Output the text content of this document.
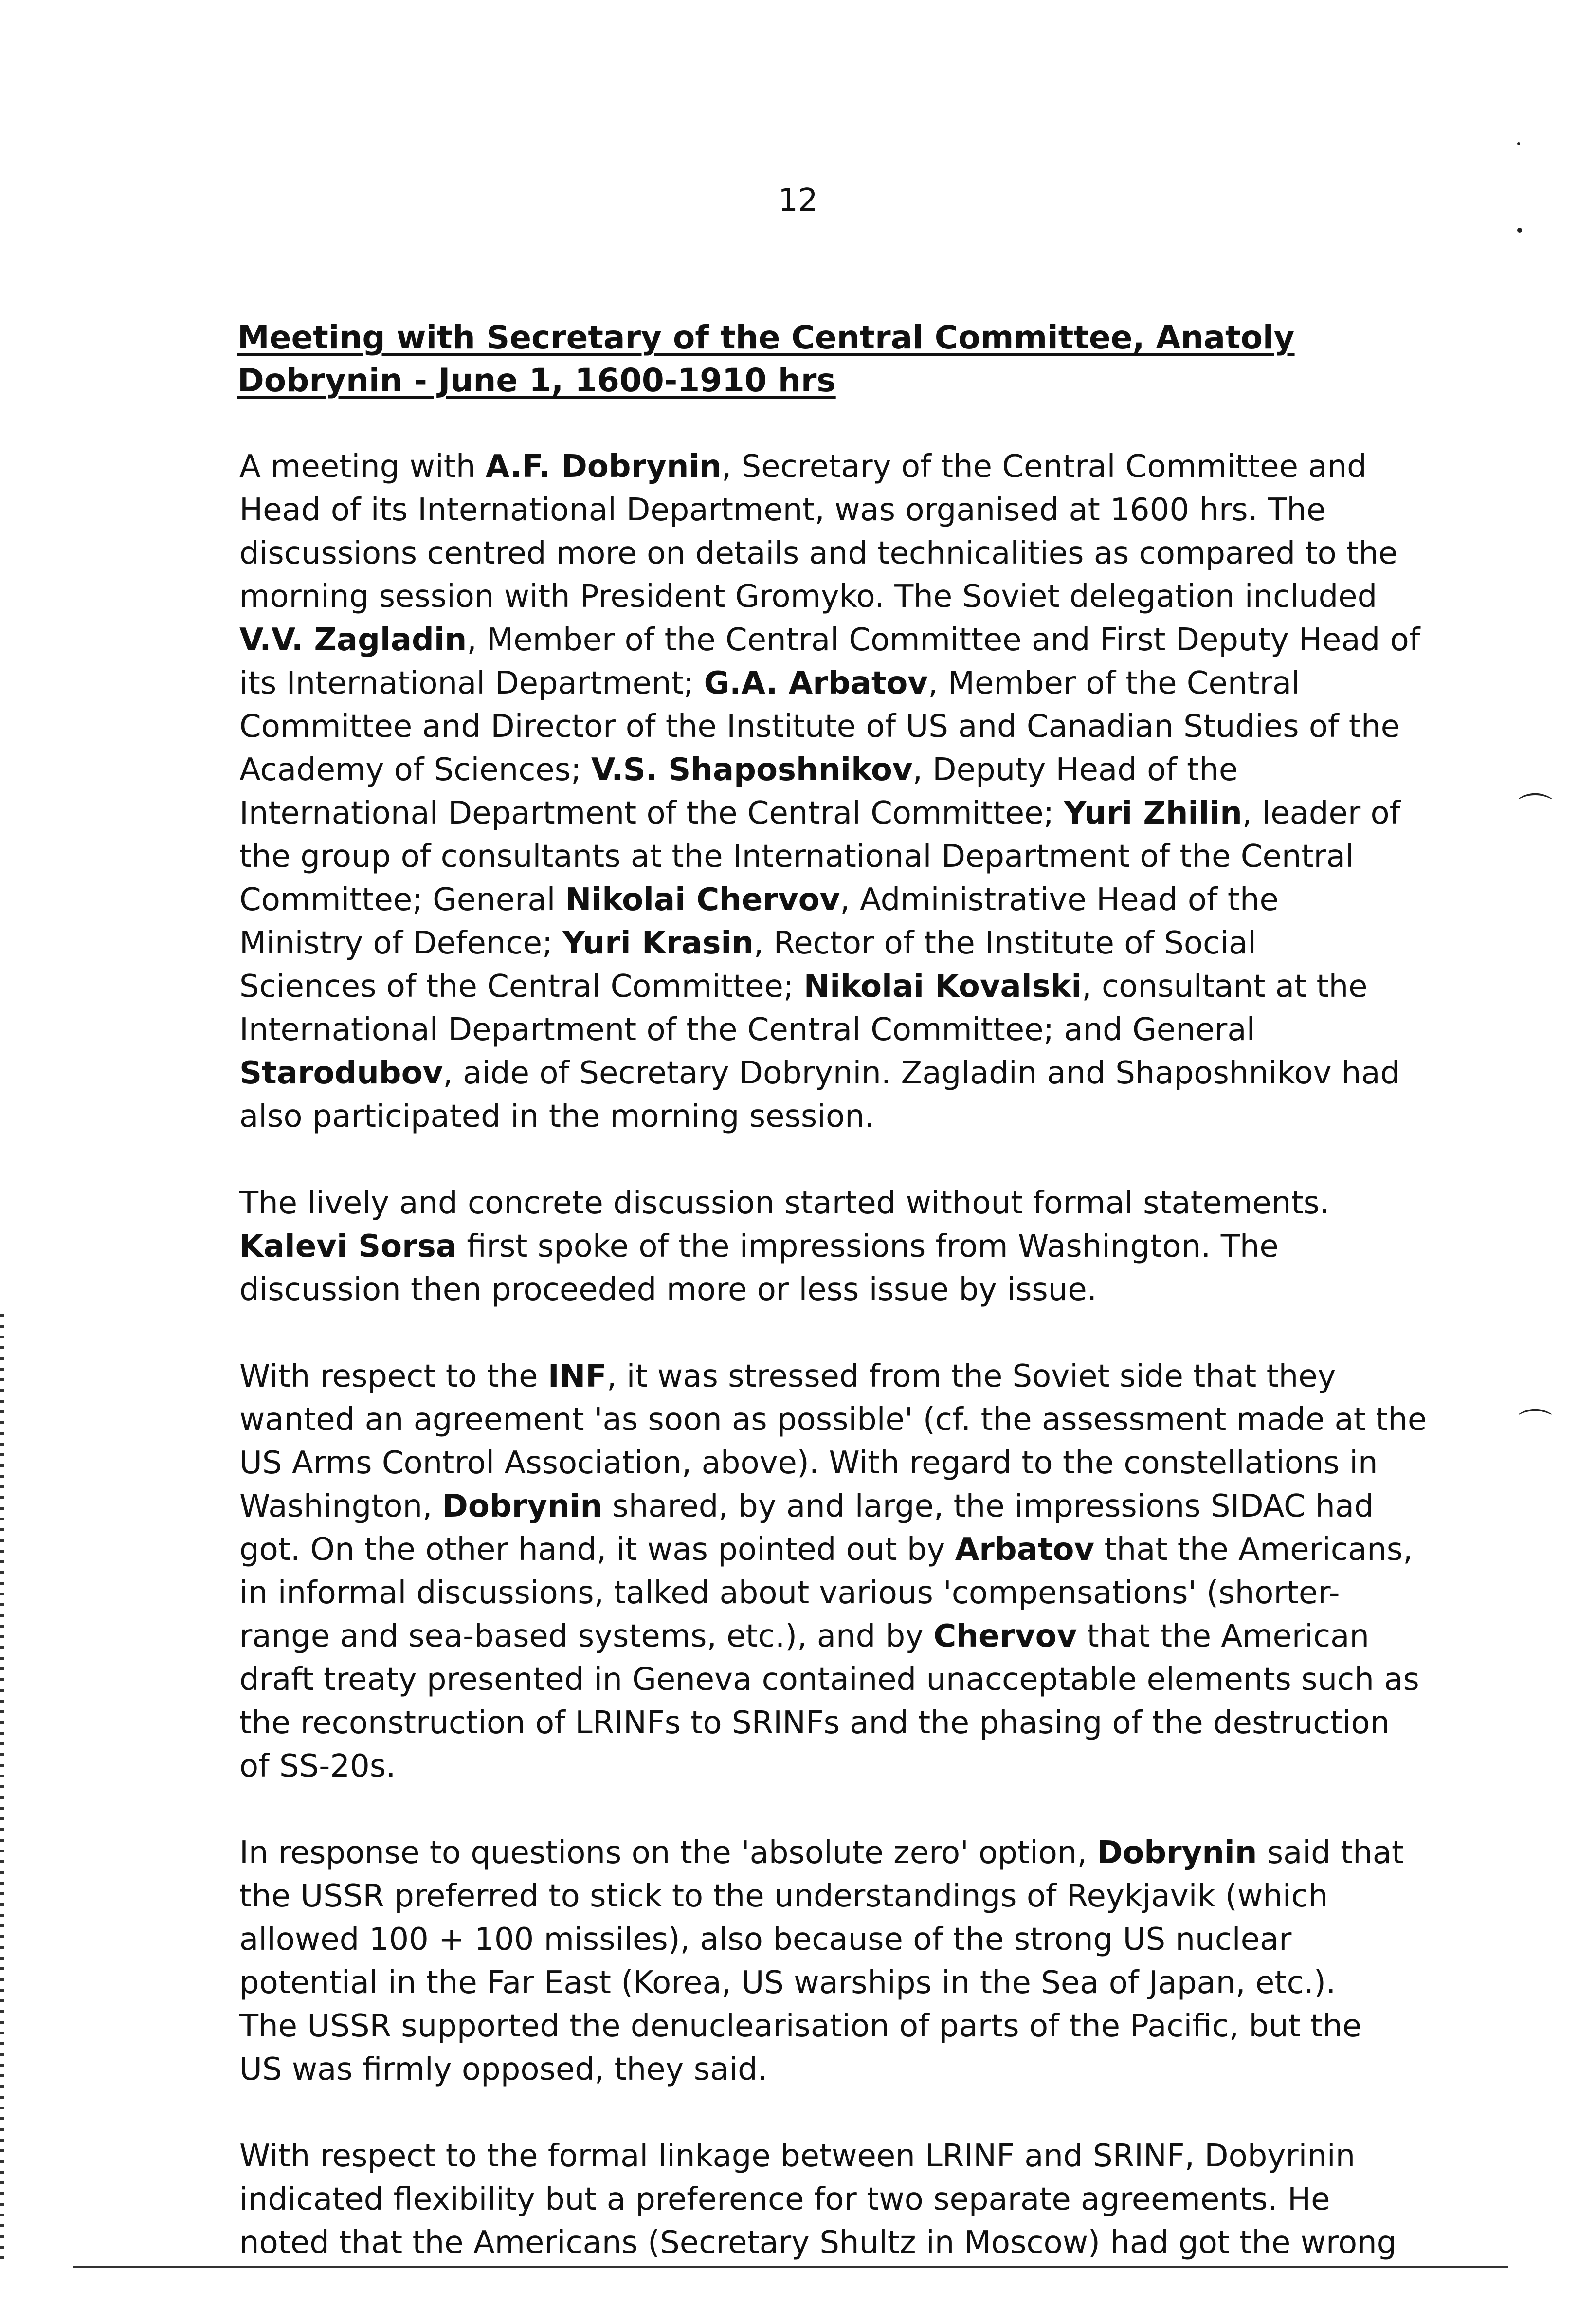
12
Meeting with Secretary of the Central Committee, Anatoly
Dobrynin - June 1, 1600-1910 hrs

A meeting with A.F. Dobrynin, Secretary of the Central Committee and
Head of its International Department, was organised at 1600 hrs. The
discussions centred more on details and technicalities as compared to the
morning session with President Gromyko. The Soviet delegation included
V.V. Zagladin, Member of the Central Committee and First Deputy Head of
its International Department; G.A. Arbatov, Member of the Central
Committee and Director of the Institute of US and Canadian Studies of the
Academy of Sciences; V.S. Shaposhnikov, Deputy Head of the
International Department of the Central Committee; Yuri Zhilin, leader of
the group of consultants at the International Department of the Central
Committee; General Nikolai Chervov, Administrative Head of the
Ministry of Defence; Yuri Krasin, Rector of the Institute of Social
Sciences of the Central Committee; Nikolai Kovalski, consultant at the
International Department of the Central Committee; and General
Starodubov, aide of Secretary Dobrynin. Zagladin and Shaposhnikov had
also participated in the morning session.

The lively and concrete discussion started without formal statements.
Kalevi Sorsa first spoke of the impressions from Washington. The
discussion then proceeded more or less issue by issue.

With respect to the INF, it was stressed from the Soviet side that they
wanted an agreement 'as soon as possible' (cf. the assessment made at the
US Arms Control Association, above). With regard to the constellations in
Washington, Dobrynin shared, by and large, the impressions SIDAC had
got. On the other hand, it was pointed out by Arbatov that the Americans,
in informal discussions, talked about various 'compensations' (shorter-
range and sea-based systems, etc.), and by Chervov that the American
draft treaty presented in Geneva contained unacceptable elements such as
the reconstruction of LRINFs to SRINFs and the phasing of the destruction
of SS-20s.

In response to questions on the 'absolute zero' option, Dobrynin said that
the USSR preferred to stick to the understandings of Reykjavik (which
allowed 100 + 100 missiles), also because of the strong US nuclear
potential in the Far East (Korea, US warships in the Sea of Japan, etc.).
The USSR supported the denuclearisation of parts of the Pacific, but the
US was firmly opposed, they said.

With respect to the formal linkage between LRINF and SRINF, Dobyrinin
indicated flexibility but a preference for two separate agreements. He
noted that the Americans (Secretary Shultz in Moscow) had got the wrong

⌒
⌒
